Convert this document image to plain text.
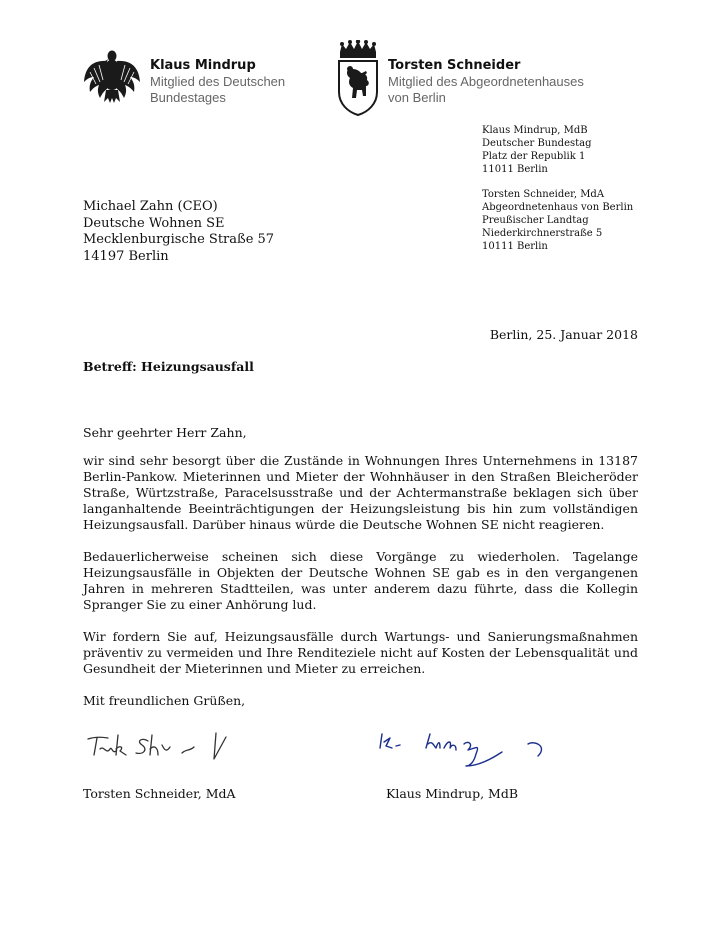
Klaus Mindrup
Mitglied des Deutschen
Bundestages
Torsten Schneider
Mitglied des Abgeordnetenhauses
von Berlin
Klaus Mindrup, MdB
Deutscher Bundestag
Platz der Republik 1
11011 Berlin
Torsten Schneider, MdA
Abgeordnetenhaus von Berlin
Preußischer Landtag
Niederkirchnerstraße 5
10111 Berlin
Michael Zahn (CEO)
Deutsche Wohnen SE
Mecklenburgische Straße 57
14197 Berlin
Berlin, 25. Januar 2018
Betreff: Heizungsausfall

Sehr geehrter Herr Zahn,

wir sind sehr besorgt über die Zustände in Wohnungen Ihres Unternehmens in 13187 Berlin-Pankow. Mieterinnen und Mieter der Wohnhäuser in den Straßen Bleicheröder Straße, Würtzstraße, Paracelsusstraße und der Achtermanstraße beklagen sich über langanhaltende Beeinträchtigungen der Heizungsleistung bis hin zum vollständigen Heizungsausfall. Darüber hinaus würde die Deutsche Wohnen SE nicht reagieren.

Bedauerlicherweise scheinen sich diese Vorgänge zu wiederholen. Tagelange Heizungsausfälle in Objekten der Deutsche Wohnen SE gab es in den vergangenen Jahren in mehreren Stadtteilen, was unter anderem dazu führte, dass die Kollegin Spranger Sie zu einer Anhörung lud.

Wir fordern Sie auf, Heizungsausfälle durch Wartungs- und Sanierungsmaßnahmen präventiv zu vermeiden und Ihre Renditeziele nicht auf Kosten der Lebensqualität und Gesundheit der Mieterinnen und Mieter zu erreichen.

Mit freundlichen Grüßen,

Torsten Schneider, MdA	Klaus Mindrup, MdB
